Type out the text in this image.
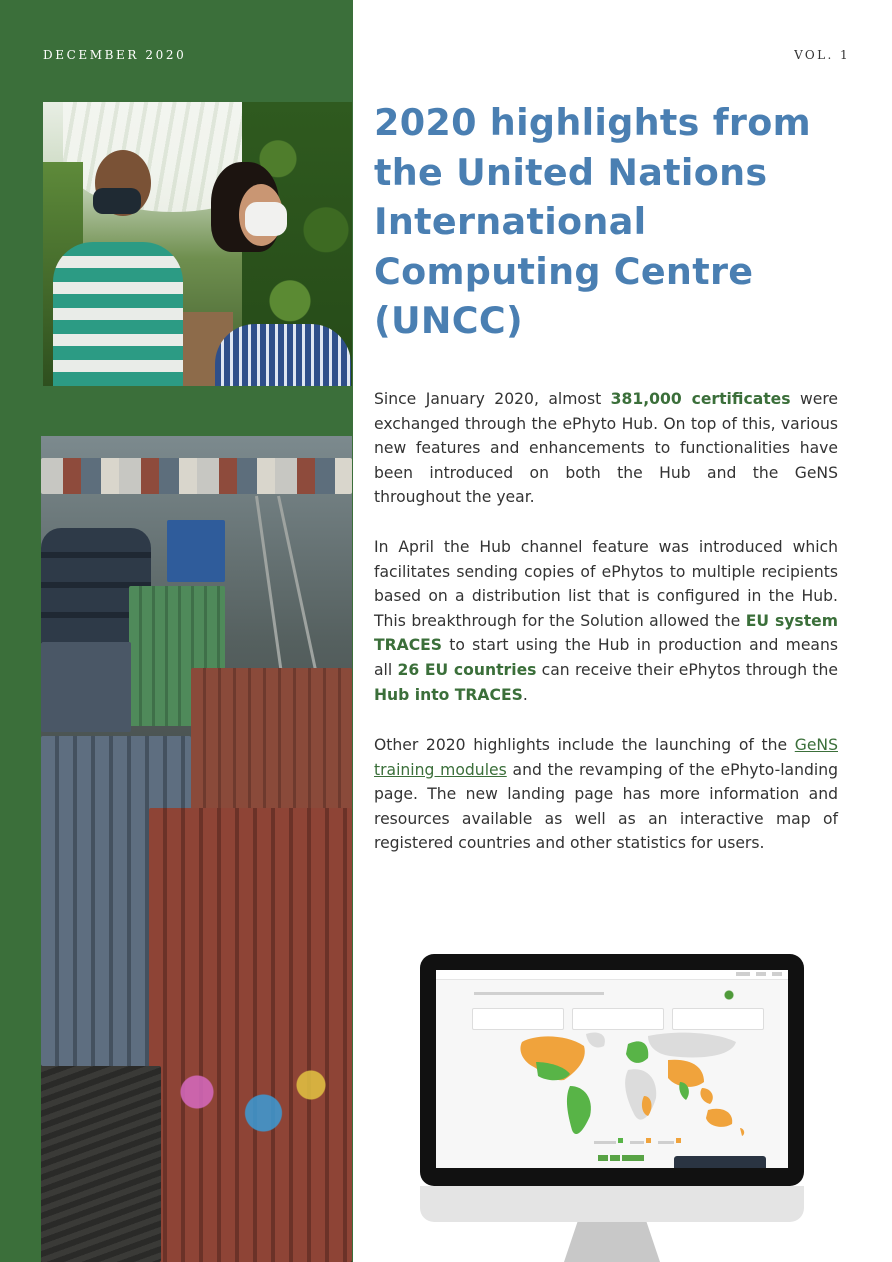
DECEMBER 2020	VOL. 1
2020 highlights from the United Nations International Computing Centre (UNCC)
Since January 2020, almost 381,000 certificates were exchanged through the ePhyto Hub. On top of this, various new features and enhancements to functionalities have been introduced on both the Hub and the GeNS throughout the year.
In April the Hub channel feature was introduced which facilitates sending copies of ePhytos to multiple recipients based on a distribution list that is configured in the Hub. This breakthrough for the Solution allowed the EU system TRACES to start using the Hub in production and means all 26 EU countries can receive their ePhytos through the Hub into TRACES.
Other 2020 highlights include the launching of the GeNS training modules and the revamping of the ePhyto-landing page. The new landing page has more information and resources available as well as an interactive map of registered countries and other statistics for users.
